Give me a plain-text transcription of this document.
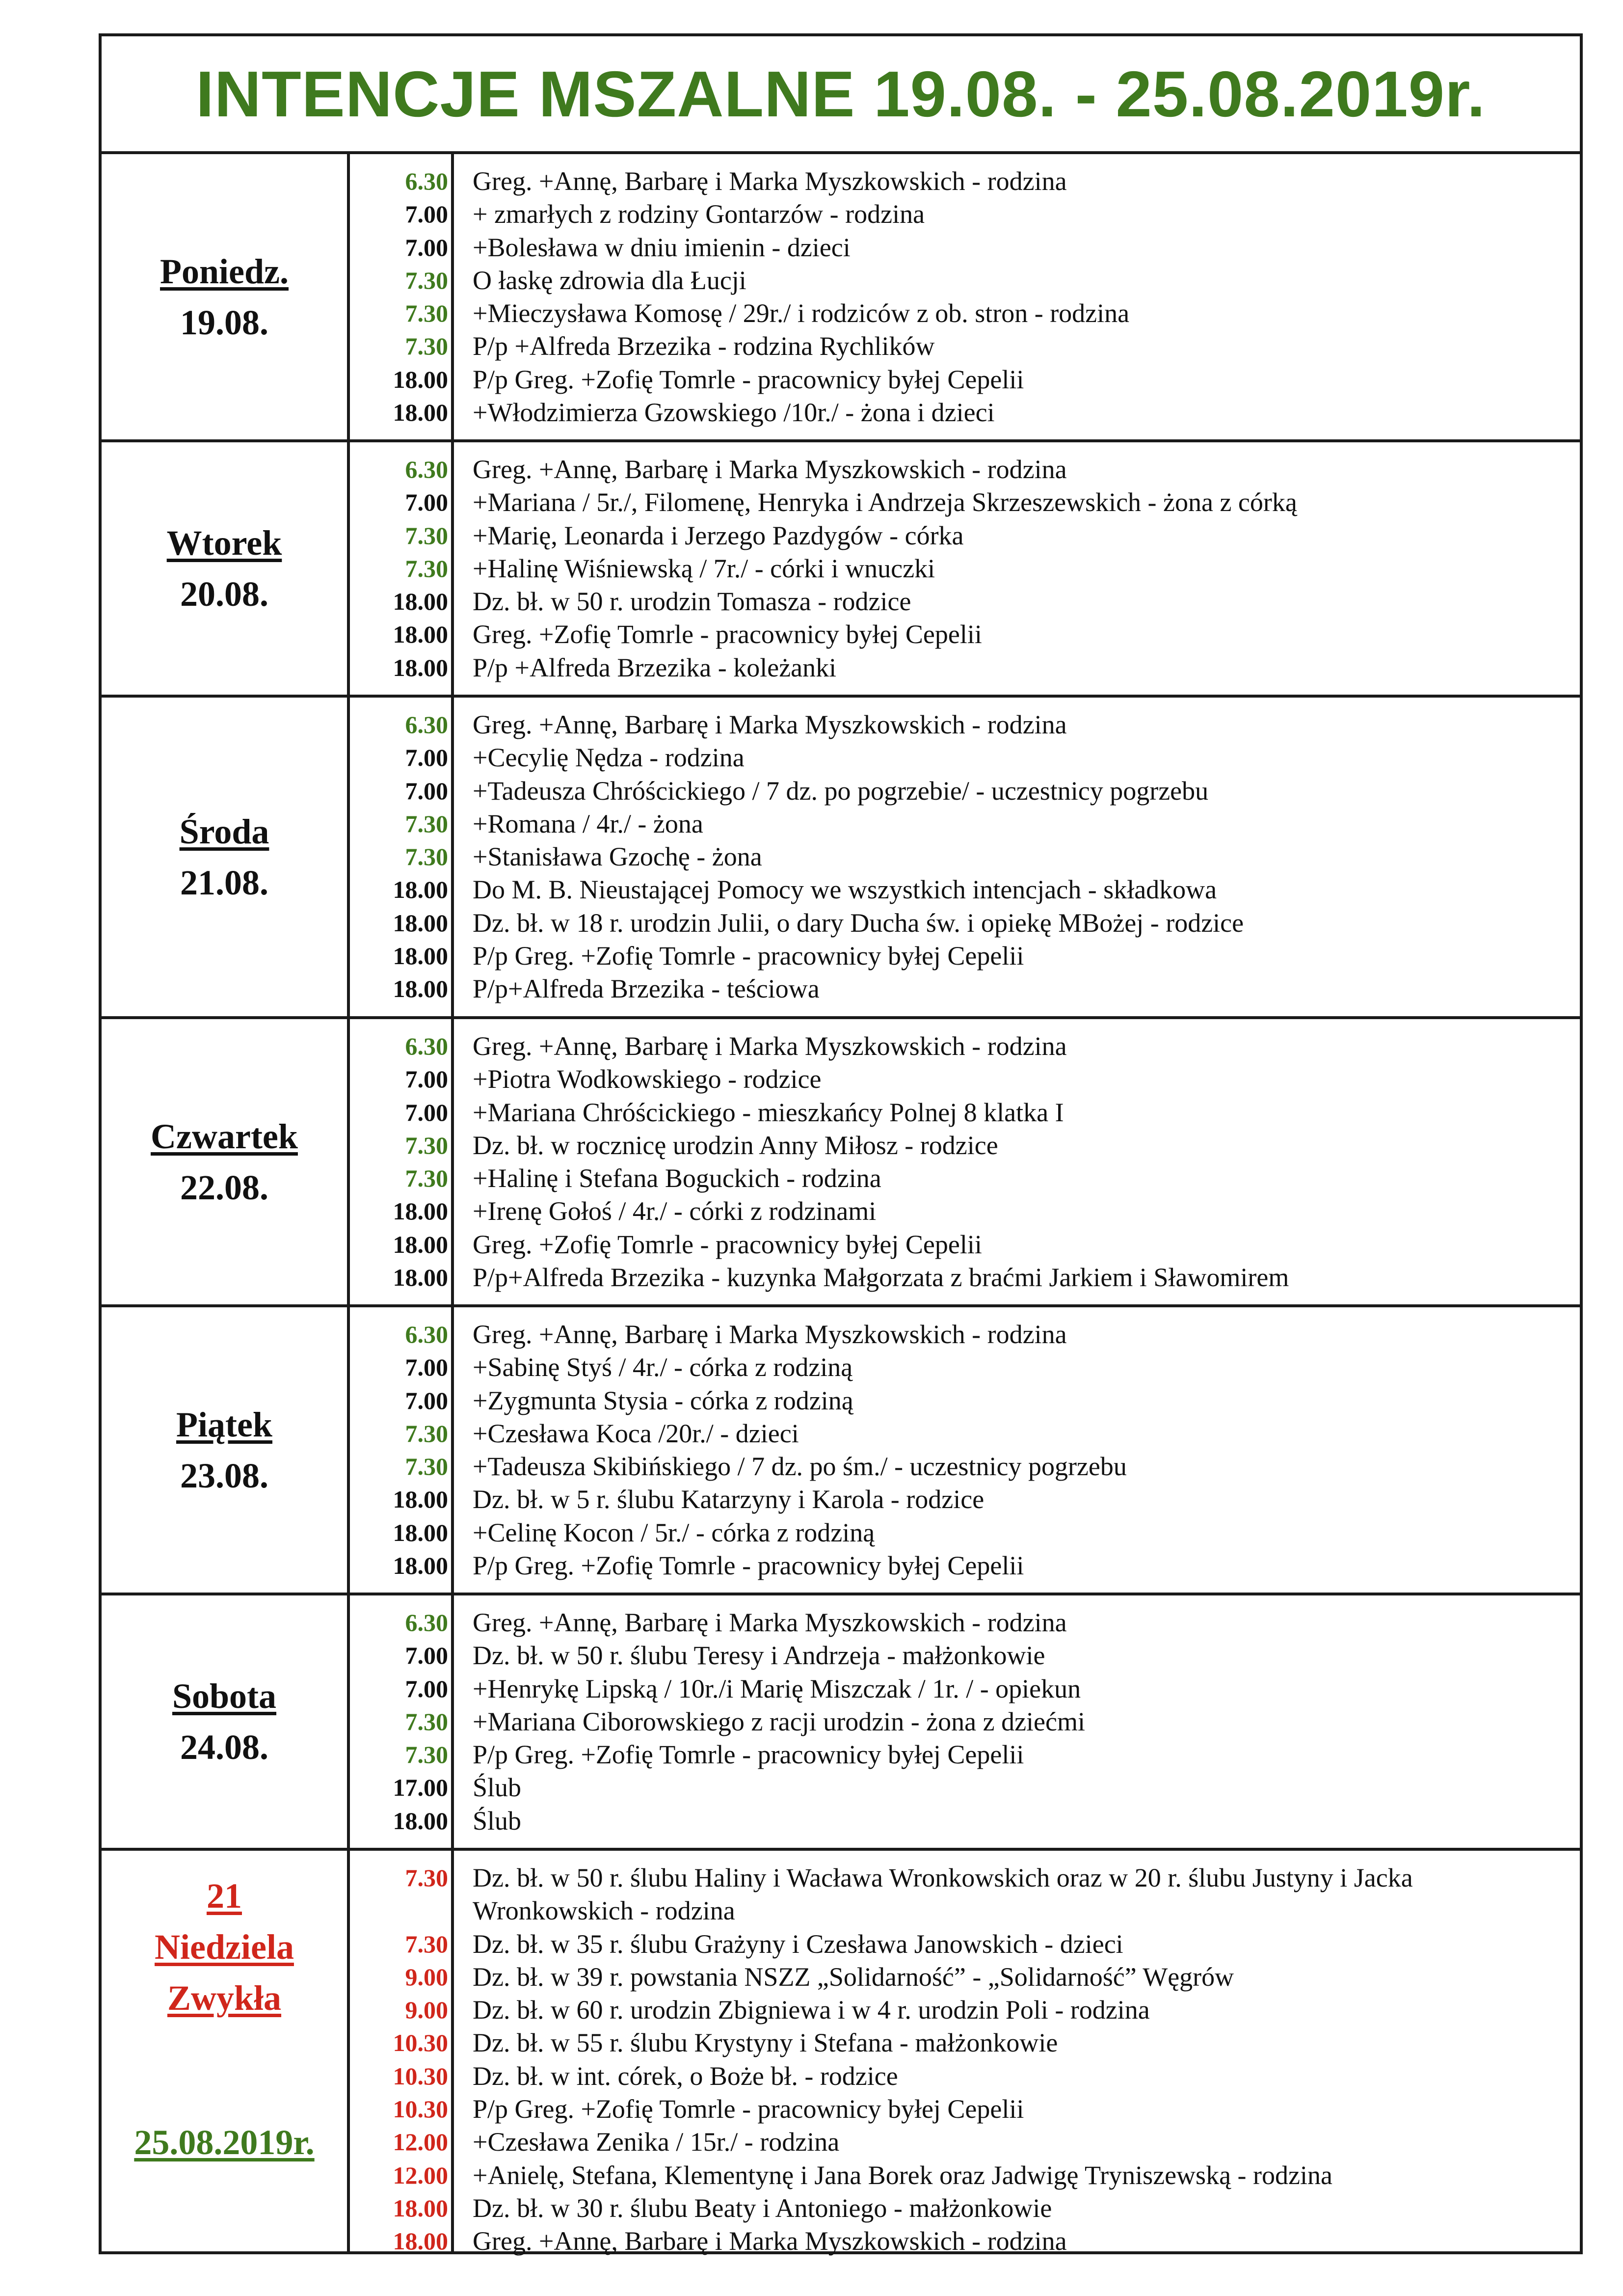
INTENCJE MSZALNE 19.08. - 25.08.2019r.
Poniedz.
19.08.
6.30
7.00
7.00
7.30
7.30
7.30
18.00
18.00
Greg. +Annę, Barbarę i Marka Myszkowskich - rodzina
+ zmarłych z rodziny Gontarzów - rodzina
+Bolesława w dniu imienin - dzieci
O łaskę zdrowia dla Łucji
+Mieczysława Komosę / 29r./ i rodziców z ob. stron - rodzina
P/p +Alfreda Brzezika - rodzina Rychlików
P/p Greg. +Zofię Tomrle - pracownicy byłej Cepelii
+Włodzimierza Gzowskiego /10r./ - żona i dzieci
Wtorek
20.08.
6.30
7.00
7.30
7.30
18.00
18.00
18.00
Greg. +Annę, Barbarę i Marka Myszkowskich - rodzina
+Mariana / 5r./, Filomenę, Henryka i Andrzeja Skrzeszewskich - żona z córką
+Marię, Leonarda i Jerzego Pazdygów - córka
+Halinę Wiśniewską / 7r./ - córki i wnuczki
Dz. bł. w 50 r. urodzin Tomasza - rodzice
Greg. +Zofię Tomrle - pracownicy byłej Cepelii
P/p +Alfreda Brzezika - koleżanki
Środa
21.08.
6.30
7.00
7.00
7.30
7.30
18.00
18.00
18.00
18.00
Greg. +Annę, Barbarę i Marka Myszkowskich - rodzina
+Cecylię Nędza - rodzina
+Tadeusza Chróścickiego / 7 dz. po pogrzebie/ - uczestnicy pogrzebu
+Romana / 4r./ - żona
+Stanisława Gzochę - żona
Do M. B. Nieustającej Pomocy we wszystkich intencjach - składkowa
Dz. bł. w 18 r. urodzin Julii, o dary Ducha św. i opiekę MBożej - rodzice
P/p Greg. +Zofię Tomrle - pracownicy byłej Cepelii
P/p+Alfreda Brzezika - teściowa
Czwartek
22.08.
6.30
7.00
7.00
7.30
7.30
18.00
18.00
18.00
Greg. +Annę, Barbarę i Marka Myszkowskich - rodzina
+Piotra Wodkowskiego - rodzice
+Mariana Chróścickiego - mieszkańcy Polnej 8 klatka I
Dz. bł. w rocznicę urodzin Anny Miłosz - rodzice
+Halinę i Stefana Boguckich - rodzina
+Irenę Gołoś / 4r./ - córki z rodzinami
Greg. +Zofię Tomrle - pracownicy byłej Cepelii
P/p+Alfreda Brzezika - kuzynka Małgorzata z braćmi Jarkiem i Sławomirem
Piątek
23.08.
6.30
7.00
7.00
7.30
7.30
18.00
18.00
18.00
Greg. +Annę, Barbarę i Marka Myszkowskich - rodzina
+Sabinę Styś / 4r./ - córka z rodziną
+Zygmunta Stysia - córka z rodziną
+Czesława Koca /20r./ - dzieci
+Tadeusza Skibińskiego / 7 dz. po śm./ - uczestnicy pogrzebu
Dz. bł. w 5 r. ślubu Katarzyny i Karola - rodzice
+Celinę Kocon / 5r./ - córka z rodziną
P/p Greg. +Zofię Tomrle - pracownicy byłej Cepelii
Sobota
24.08.
6.30
7.00
7.00
7.30
7.30
17.00
18.00
Greg. +Annę, Barbarę i Marka Myszkowskich - rodzina
Dz. bł. w 50 r. ślubu Teresy i Andrzeja - małżonkowie
+Henrykę Lipską / 10r./i Marię Miszczak / 1r. / - opiekun
+Mariana Ciborowskiego z racji urodzin - żona z dziećmi
P/p Greg. +Zofię Tomrle - pracownicy byłej Cepelii
Ślub
Ślub
21
Niedziela
Zwykła
25.08.2019r.
7.30
7.30
9.00
9.00
10.30
10.30
10.30
12.00
12.00
18.00
18.00
Dz. bł. w 50 r. ślubu Haliny i Wacława Wronkowskich oraz w 20 r. ślubu Justyny i Jacka Wronkowskich - rodzina
Dz. bł. w 35 r. ślubu Grażyny i Czesława Janowskich - dzieci
Dz. bł. w 39 r. powstania NSZZ „Solidarność” - „Solidarność” Węgrów
Dz. bł. w 60 r. urodzin Zbigniewa i w 4 r. urodzin Poli - rodzina
Dz. bł. w 55 r. ślubu Krystyny i Stefana - małżonkowie
Dz. bł. w int. córek, o Boże bł. - rodzice
P/p Greg. +Zofię Tomrle - pracownicy byłej Cepelii
+Czesława Zenika / 15r./ - rodzina
+Anielę, Stefana, Klementynę i Jana Borek oraz Jadwigę Tryniszewską - rodzina
Dz. bł. w 30 r. ślubu Beaty i Antoniego - małżonkowie
Greg. +Annę, Barbarę i Marka Myszkowskich - rodzina
